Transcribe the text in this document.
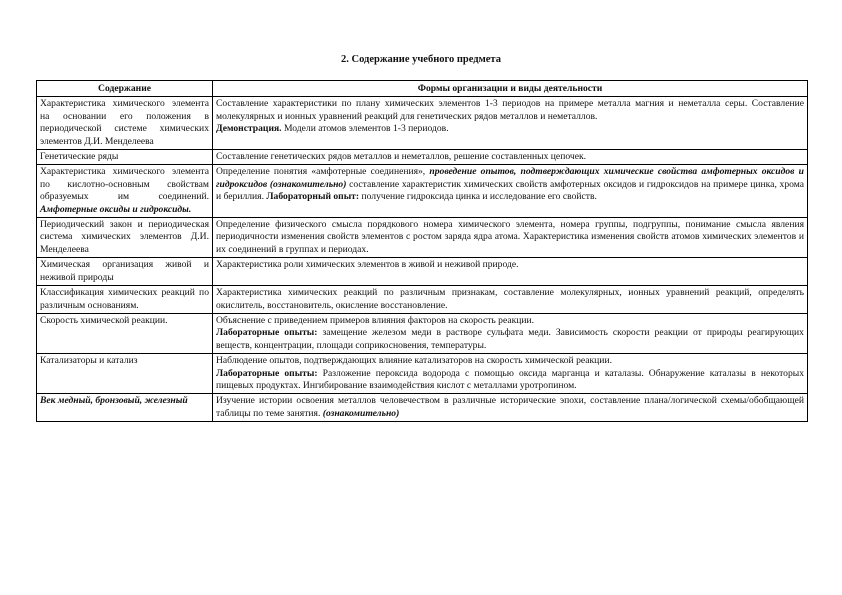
2. Содержание учебного предмета
Содержание	Формы организации и виды деятельности
Характеристика химического элемента на основании его положения в периодической системе химических элементов Д.И. Менделеева	Составление характеристики по плану химических элементов 1-3 периодов на примере металла магния и неметалла серы. Составление молекулярных и ионных уравнений реакций для генетических рядов металлов и неметаллов.

Демонстрация. Модели атомов элементов 1-3 периодов.

Генетические ряды	Составление генетических рядов металлов и неметаллов, решение составленных цепочек.
Характеристика химического элемента по кислотно-основным свойствам образуемых им соединений. Амфотерные оксиды и гидроксиды.	Определение понятия «амфотерные соединения», проведение опытов, подтверждающих химические свойства амфотерных оксидов и гидроксидов (ознакомительно) составление характеристик химических свойств амфотерных оксидов и гидроксидов на примере цинка, хрома и бериллия. Лабораторный опыт: получение гидроксида цинка и исследование его свойств.
Периодический закон и периодическая система химических элементов Д.И. Менделеева	Определение физического смысла порядкового номера химического элемента, номера группы, подгруппы, понимание смысла явления периодичности изменения свойств элементов с ростом заряда ядра атома. Характеристика изменения свойств атомов химических элементов и их соединений в группах и периодах.
Химическая организация живой и неживой природы	Характеристика роли химических элементов в живой и неживой природе.
Классификация химических реакций по различным основаниям.	Характеристика химических реакций по различным признакам, составление молекулярных, ионных уравнений реакций, определять окислитель, восстановитель, окисление восстановление.
Скорость химической реакции.	Объяснение с приведением примеров влияния факторов на скорость реакции.

Лабораторные опыты: замещение железом меди в растворе сульфата меди. Зависимость скорости реакции от природы реагирующих веществ, концентрации, площади соприкосновения, температуры.

Катализаторы и катализ	Наблюдение опытов, подтверждающих влияние катализаторов на скорость химической реакции.

Лабораторные опыты: Разложение пероксида водорода с помощью оксида марганца и каталазы. Обнаружение каталазы в некоторых пищевых продуктах. Ингибирование взаимодействия кислот с металлами уротропином.

Век медный, бронзовый, железный	Изучение истории освоения металлов человечеством в различные исторические эпохи, составление плана/логической схемы/обобщающей таблицы по теме занятия. (ознакомительно)
